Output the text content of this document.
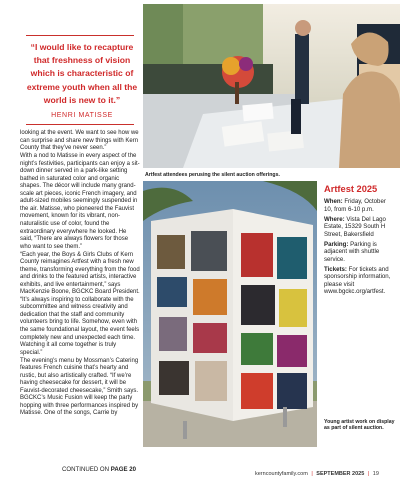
“I would like to recapture that freshness of vision which is characteristic of extreme youth when all the world is new to it.”
HENRI MATISSE

looking at the event. We want to see how we can surprise and share new things with Kern County that they’ve never seen.”

With a nod to Matisse in every aspect of the night’s festivities, participants can enjoy a sit-down dinner served in a park-like setting bathed in saturated color and organic shapes. The décor will include many grand-scale art pieces, iconic French imagery, and adult-sized mobiles seemingly suspended in the air. Matisse, who pioneered the Fauvist movement, known for its vibrant, non-naturalistic use of color, found the extraordinary everywhere he looked. He said, “There are always flowers for those who want to see them.”

“Each year, the Boys & Girls Clubs of Kern County reimagines Artfest with a fresh new theme, transforming everything from the food and drinks to the featured artists, interactive exhibits, and live entertainment,” says MacKenzie Boone, BGCKC Board President. “It’s always inspiring to collaborate with the subcommittee and witness creativity and dedication that the staff and community volunteers bring to life. Somehow, even with the same foundational layout, the event feels completely new and unexpected each time. Watching it all come together is truly special.”

The evening’s menu by Mossman’s Catering features French cuisine that’s hearty and rustic, but also artistically crafted. “If we’re having cheesecake for dessert, it will be Fauvist-decorated cheesecake,” Smith says. BGCKC’s Music Fusion will keep the party hopping with three performances inspired by Matisse. One of the songs, Carrie by

CONTINUED ON PAGE 20
Artfest attendees perusing the silent auction offerings.
Artfest 2025

When: Friday, October 10, from 6-10 p.m.

Where: Vista Del Lago Estate, 15329 South H Street, Bakersfield

Parking: Parking is adjacent with shuttle service.

Tickets: For tickets and sponsorship information, please visit www.bgckc.org/artfest.

Young artist work on display as part of silent auction.
kerncountyfamily.com | SEPTEMBER 2025 | 19
